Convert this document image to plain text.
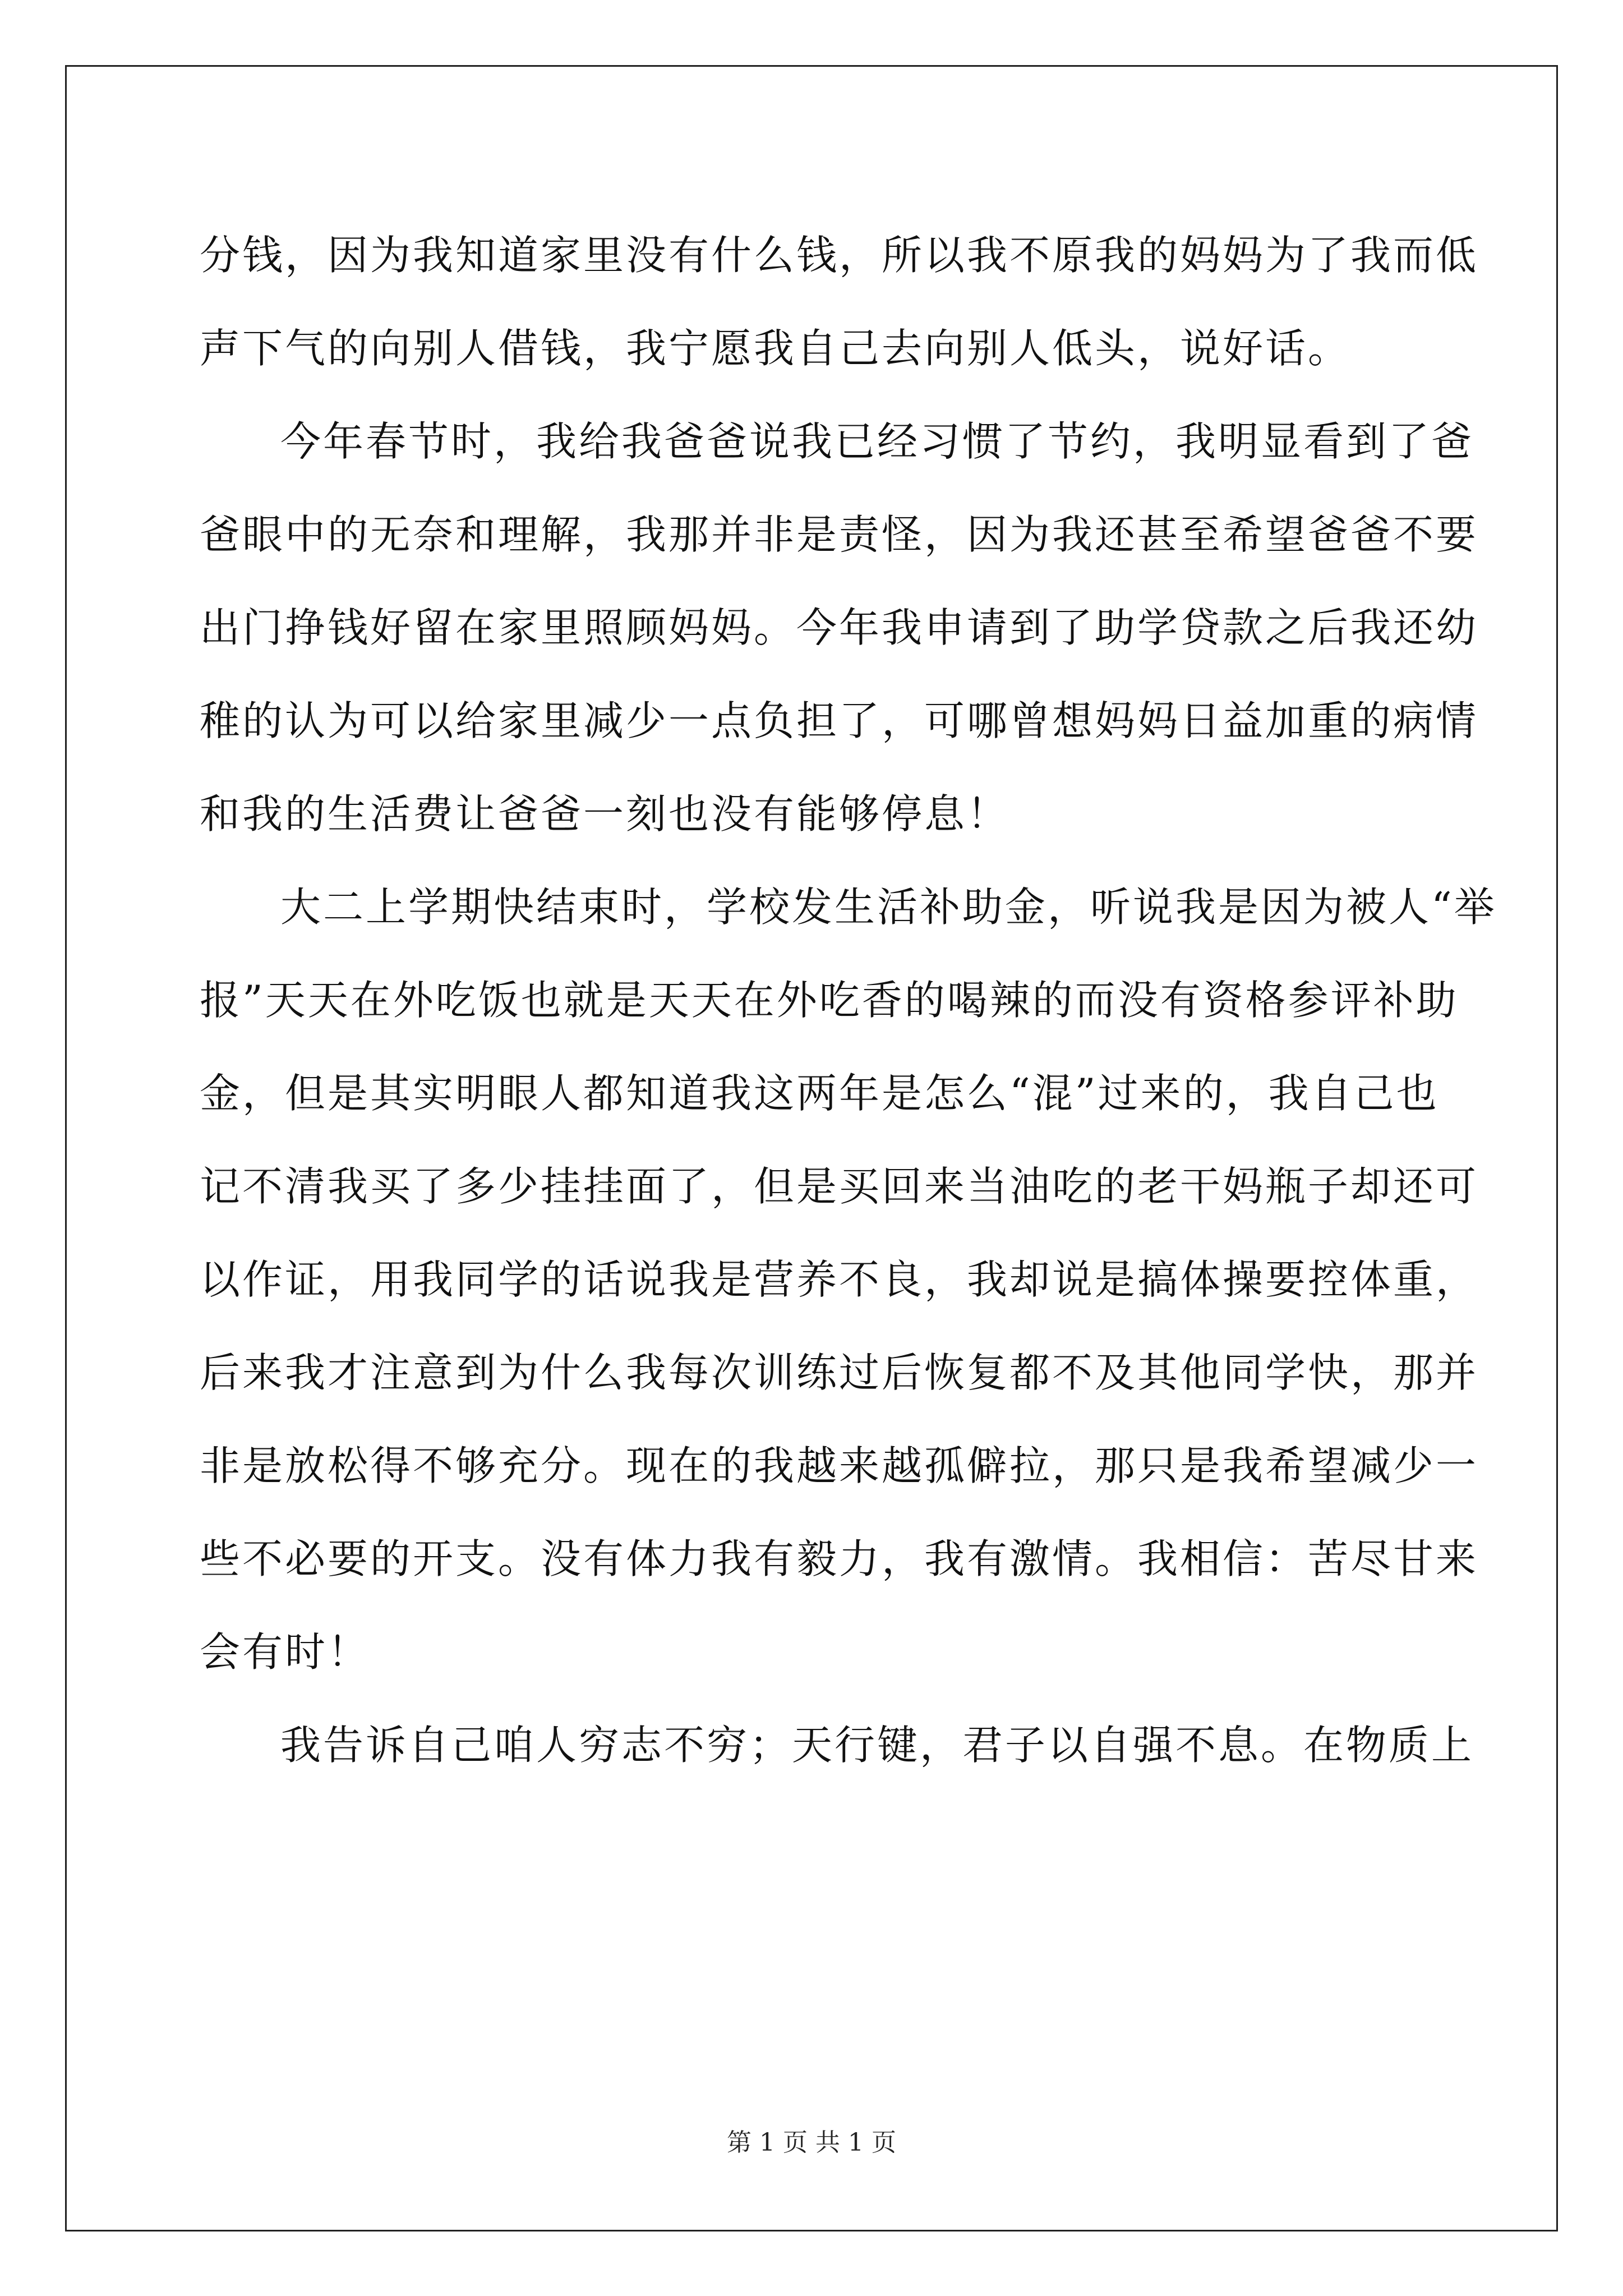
分钱，因为我知道家里没有什么钱，所以我不原我的妈妈为了我而低
声下气的向别人借钱，我宁愿我自己去向别人低头，说好话。
今年春节时，我给我爸爸说我已经习惯了节约，我明显看到了爸
爸眼中的无奈和理解，我那并非是责怪，因为我还甚至希望爸爸不要
出门挣钱好留在家里照顾妈妈。今年我申请到了助学贷款之后我还幼
稚的认为可以给家里减少一点负担了，可哪曾想妈妈日益加重的病情
和我的生活费让爸爸一刻也没有能够停息！
大二上学期快结束时，学校发生活补助金，听说我是因为被人“举
报”天天在外吃饭也就是天天在外吃香的喝辣的而没有资格参评补助
金，但是其实明眼人都知道我这两年是怎么“混”过来的，我自己也
记不清我买了多少挂挂面了，但是买回来当油吃的老干妈瓶子却还可
以作证，用我同学的话说我是营养不良，我却说是搞体操要控体重，
后来我才注意到为什么我每次训练过后恢复都不及其他同学快，那并
非是放松得不够充分。现在的我越来越孤僻拉，那只是我希望减少一
些不必要的开支。没有体力我有毅力，我有激情。我相信：苦尽甘来
会有时！
我告诉自己咱人穷志不穷；天行键，君子以自强不息。在物质上
第 1 页 共 1 页
